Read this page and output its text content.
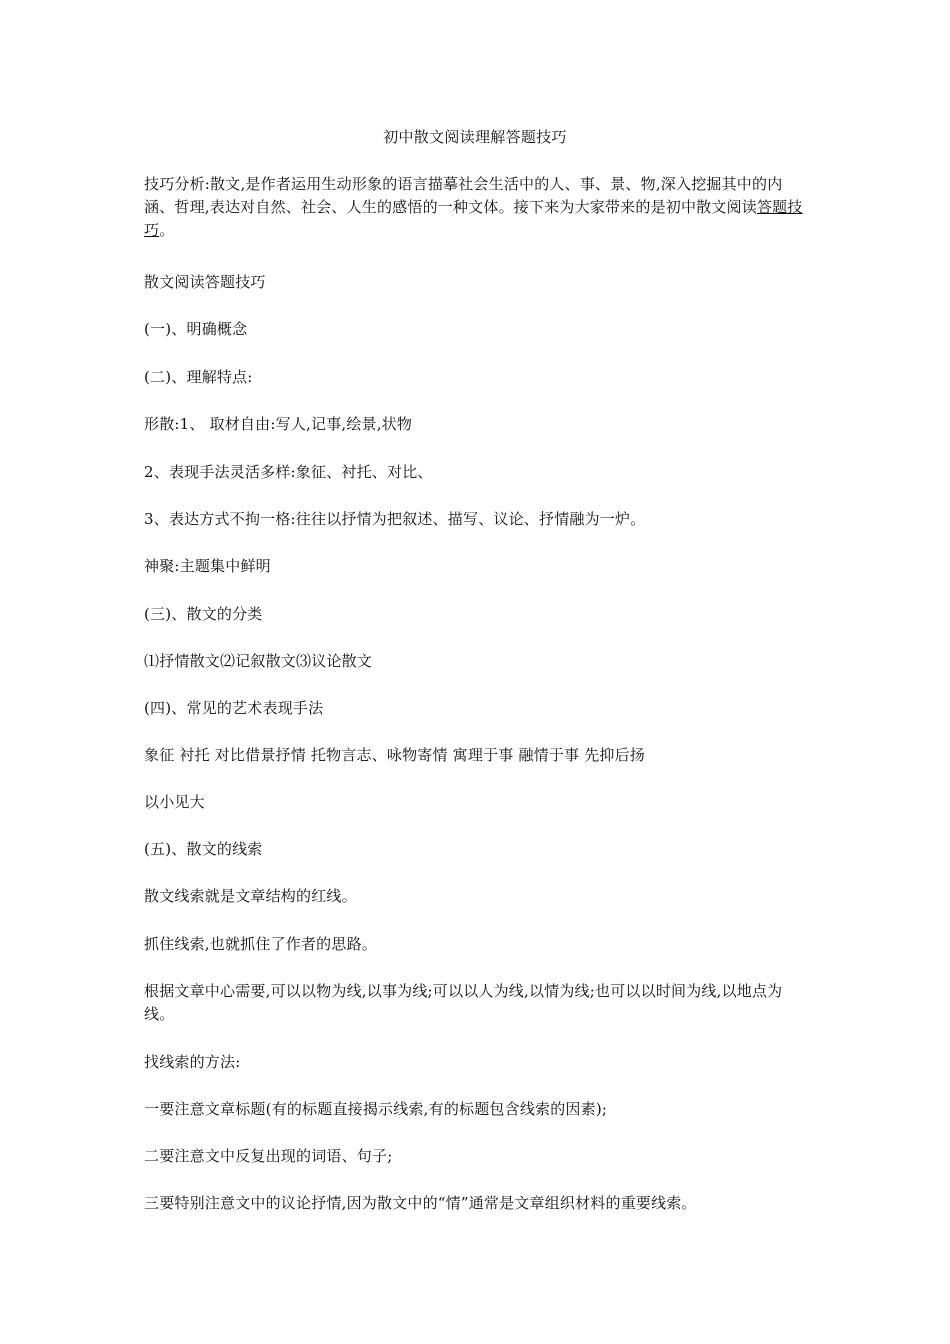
初中散文阅读理解答题技巧
技巧分析:散文,是作者运用生动形象的语言描摹社会生活中的人、事、景、物,深入挖掘其中的内涵、哲理,表达对自然、社会、人生的感悟的一种文体。接下来为大家带来的是初中散文阅读答题技巧。
散文阅读答题技巧
(一)、明确概念
(二)、理解特点:
形散:1、 取材自由:写人,记事,绘景,状物
2、表现手法灵活多样:象征、衬托、对比、
3、表达方式不拘一格:往往以抒情为把叙述、描写、议论、抒情融为一炉。
神聚:主题集中鲜明
(三)、散文的分类
⑴抒情散文⑵记叙散文⑶议论散文
(四)、常见的艺术表现手法
象征 衬托 对比借景抒情 托物言志、咏物寄情 寓理于事 融情于事 先抑后扬
以小见大
(五)、散文的线索
散文线索就是文章结构的红线。
抓住线索,也就抓住了作者的思路。
根据文章中心需要,可以以物为线,以事为线;可以以人为线,以情为线;也可以以时间为线,以地点为线。
找线索的方法:
一要注意文章标题(有的标题直接揭示线索,有的标题包含线索的因素);
二要注意文中反复出现的词语、句子;
三要特别注意文中的议论抒情,因为散文中的“情”通常是文章组织材料的重要线索。
